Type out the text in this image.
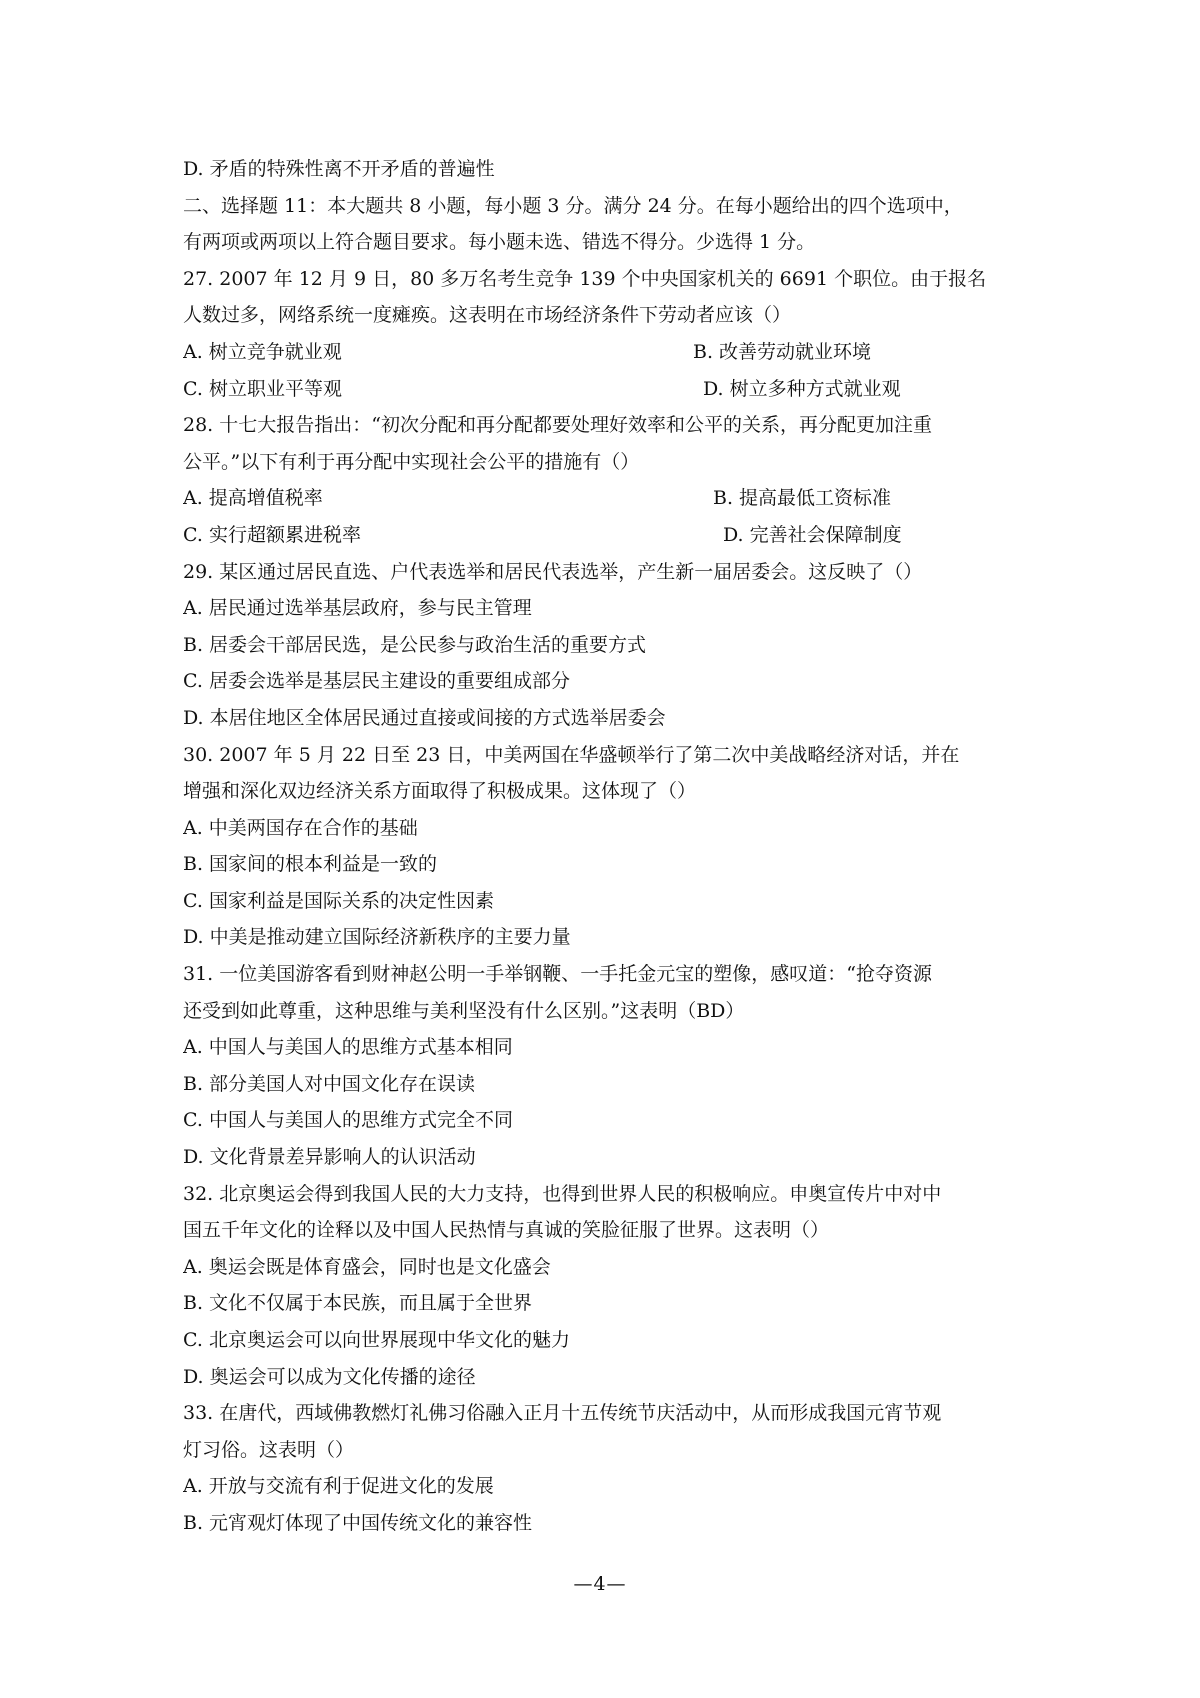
D. 矛盾的特殊性离不开矛盾的普遍性
二、选择题 11：本大题共 8 小题，每小题 3 分。满分 24 分。在每小题给出的四个选项中，
有两项或两项以上符合题目要求。每小题未选、错选不得分。少选得 1 分。
27. 2007 年 12 月 9 日，80 多万名考生竞争 139 个中央国家机关的 6691 个职位。由于报名
人数过多，网络系统一度瘫痪。这表明在市场经济条件下劳动者应该（）
A. 树立竞争就业观	B. 改善劳动就业环境
C. 树立职业平等观	D. 树立多种方式就业观
28. 十七大报告指出：“初次分配和再分配都要处理好效率和公平的关系，再分配更加注重
公平。”以下有利于再分配中实现社会公平的措施有（）
A. 提高增值税率	B. 提高最低工资标准
C. 实行超额累进税率	D. 完善社会保障制度
29. 某区通过居民直选、户代表选举和居民代表选举，产生新一届居委会。这反映了（）
A. 居民通过选举基层政府，参与民主管理
B. 居委会干部居民选，是公民参与政治生活的重要方式
C. 居委会选举是基层民主建设的重要组成部分
D. 本居住地区全体居民通过直接或间接的方式选举居委会
30. 2007 年 5 月 22 日至 23 日，中美两国在华盛顿举行了第二次中美战略经济对话，并在
增强和深化双边经济关系方面取得了积极成果。这体现了（）
A. 中美两国存在合作的基础
B. 国家间的根本利益是一致的
C. 国家利益是国际关系的决定性因素
D. 中美是推动建立国际经济新秩序的主要力量
31. 一位美国游客看到财神赵公明一手举钢鞭、一手托金元宝的塑像，感叹道：“抢夺资源
还受到如此尊重，这种思维与美利坚没有什么区别。”这表明（BD）
A. 中国人与美国人的思维方式基本相同
B. 部分美国人对中国文化存在误读
C. 中国人与美国人的思维方式完全不同
D. 文化背景差异影响人的认识活动
32. 北京奥运会得到我国人民的大力支持，也得到世界人民的积极响应。申奥宣传片中对中
国五千年文化的诠释以及中国人民热情与真诚的笑脸征服了世界。这表明（）
A. 奥运会既是体育盛会，同时也是文化盛会
B. 文化不仅属于本民族，而且属于全世界
C. 北京奥运会可以向世界展现中华文化的魅力
D. 奥运会可以成为文化传播的途径
33. 在唐代，西域佛教燃灯礼佛习俗融入正月十五传统节庆活动中，从而形成我国元宵节观
灯习俗。这表明（）
A. 开放与交流有利于促进文化的发展
B. 元宵观灯体现了中国传统文化的兼容性
—4—
